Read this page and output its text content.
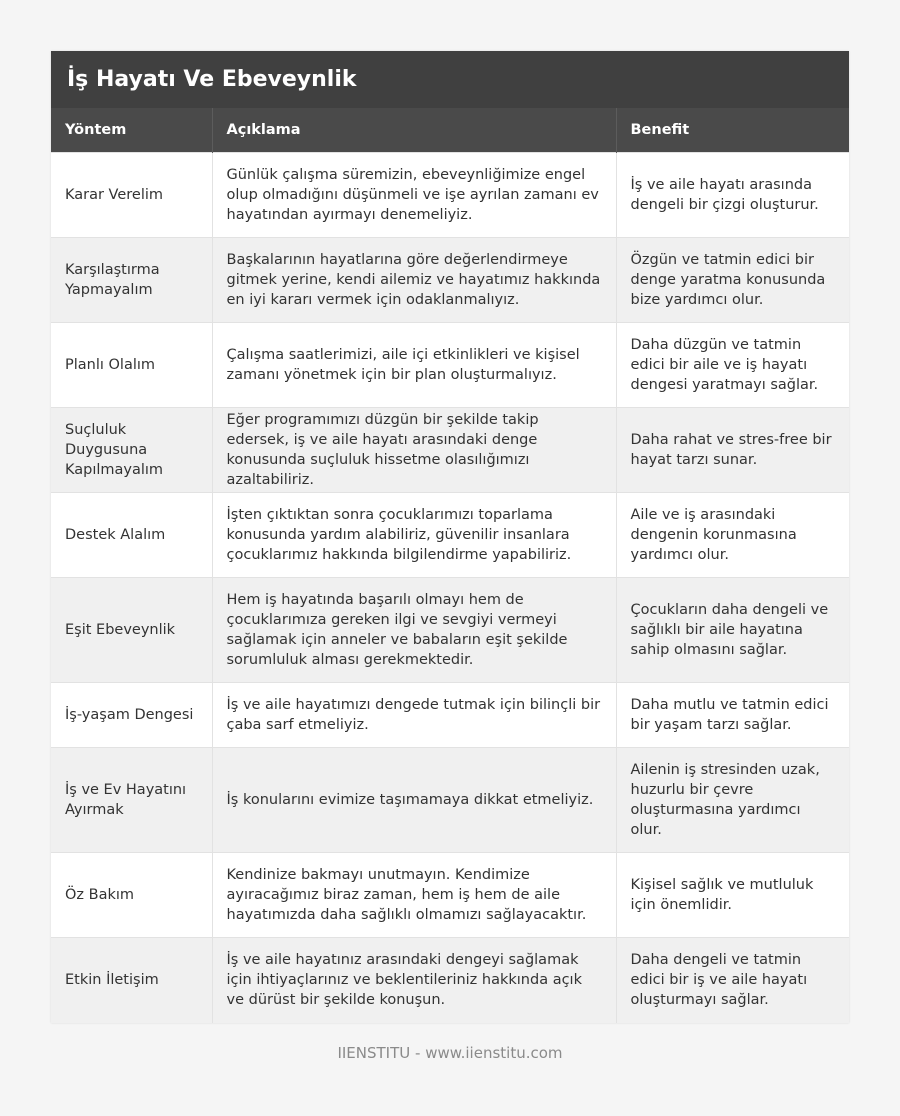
İş Hayatı Ve Ebeveynlik
Yöntem	Açıklama	Benefit
Karar Verelim	Günlük çalışma süremizin, ebeveynliğimize engel olup olmadığını düşünmeli ve işe ayrılan zamanı ev hayatından ayırmayı denemeliyiz.	İş ve aile hayatı arasında dengeli bir çizgi oluşturur.
Karşılaştırma Yapmayalım	Başkalarının hayatlarına göre değerlendirmeye gitmek yerine, kendi ailemiz ve hayatımız hakkında en iyi kararı vermek için odaklanmalıyız.	Özgün ve tatmin edici bir denge yaratma konusunda bize yardımcı olur.
Planlı Olalım	Çalışma saatlerimizi, aile içi etkinlikleri ve kişisel zamanı yönetmek için bir plan oluşturmalıyız.	Daha düzgün ve tatmin edici bir aile ve iş hayatı dengesi yaratmayı sağlar.
Suçluluk Duygusuna Kapılmayalım	Eğer programımızı düzgün bir şekilde takip edersek, iş ve aile hayatı arasındaki denge konusunda suçluluk hissetme olasılığımızı azaltabiliriz.	Daha rahat ve stres-free bir hayat tarzı sunar.
Destek Alalım	İşten çıktıktan sonra çocuklarımızı toparlama konusunda yardım alabiliriz, güvenilir insanlara çocuklarımız hakkında bilgilendirme yapabiliriz.	Aile ve iş arasındaki dengenin korunmasına yardımcı olur.
Eşit Ebeveynlik	Hem iş hayatında başarılı olmayı hem de çocuklarımıza gereken ilgi ve sevgiyi vermeyi sağlamak için anneler ve babaların eşit şekilde sorumluluk alması gerekmektedir.	Çocukların daha dengeli ve sağlıklı bir aile hayatına sahip olmasını sağlar.
İş-yaşam Dengesi	İş ve aile hayatımızı dengede tutmak için bilinçli bir çaba sarf etmeliyiz.	Daha mutlu ve tatmin edici bir yaşam tarzı sağlar.
İş ve Ev Hayatını Ayırmak	İş konularını evimize taşımamaya dikkat etmeliyiz.	Ailenin iş stresinden uzak, huzurlu bir çevre oluşturmasına yardımcı olur.
Öz Bakım	Kendinize bakmayı unutmayın. Kendimize ayıracağımız biraz zaman, hem iş hem de aile hayatımızda daha sağlıklı olmamızı sağlayacaktır.	Kişisel sağlık ve mutluluk için önemlidir.
Etkin İletişim	İş ve aile hayatınız arasındaki dengeyi sağlamak için ihtiyaçlarınız ve beklentileriniz hakkında açık ve dürüst bir şekilde konuşun.	Daha dengeli ve tatmin edici bir iş ve aile hayatı oluşturmayı sağlar.
IIENSTITU - www.iienstitu.com
